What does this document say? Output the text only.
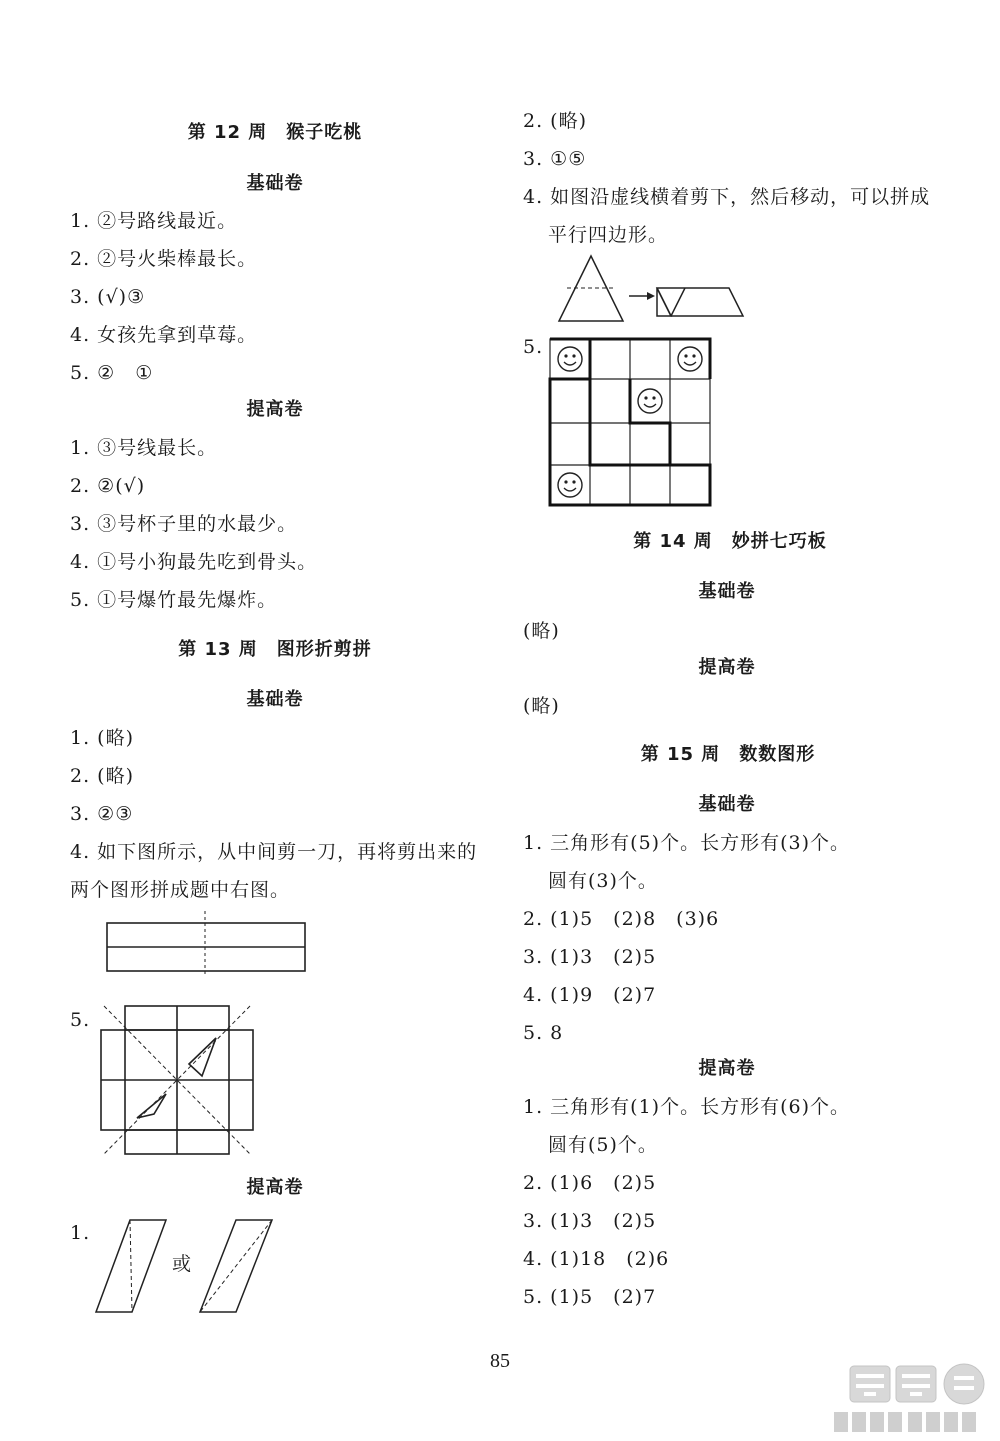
第 12 周　猴子吃桃
基础卷
1. ②号路线最近。
2. ②号火柴棒最长。
3. (√)③
4. 女孩先拿到草莓。
5. ②　①
提高卷
1. ③号线最长。
2. ②(√)
3. ③号杯子里的水最少。
4. ①号小狗最先吃到骨头。
5. ①号爆竹最先爆炸。
第 13 周　图形折剪拼
基础卷
1. (略)
2. (略)
3. ②③
4. 如下图所示，从中间剪一刀，再将剪出来的
两个图形拼成题中右图。
5.
提高卷
1.
或
2. (略)
3. ①⑤
4. 如图沿虚线横着剪下，然后移动，可以拼成
平行四边形。
5.
第 14 周　妙拼七巧板
基础卷
(略)
提高卷
(略)
第 15 周　数数图形
基础卷
1. 三角形有(5)个。长方形有(3)个。
圆有(3)个。
2. (1)5　(2)8　(3)6
3. (1)3　(2)5
4. (1)9　(2)7
5. 8
提高卷
1. 三角形有(1)个。长方形有(6)个。
圆有(5)个。
2. (1)6　(2)5
3. (1)3　(2)5
4. (1)18　(2)6
5. (1)5　(2)7
85
